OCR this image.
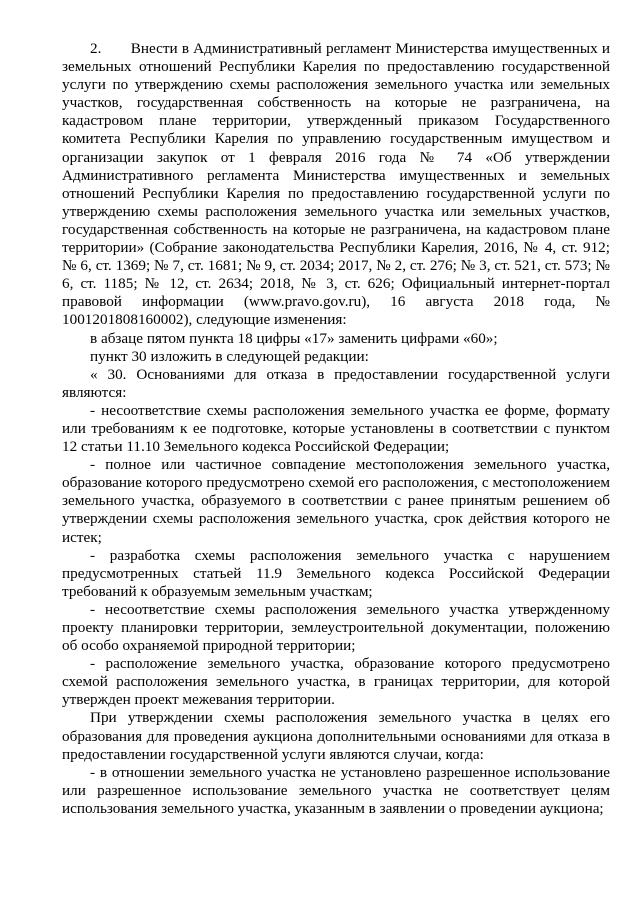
2.       Внести в Административный регламент Министерства имущественных и земельных отношений Республики Карелия по предоставлению государственной услуги по утверждению схемы расположения земельного участка или земельных участков, государственная собственность на которые не разграничена, на кадастровом плане территории, утвержденный приказом Государственного комитета Республики Карелия по управлению государственным имуществом и организации закупок от 1 февраля 2016 года № 74 «Об утверждении Административного регламента Министерства имущественных и земельных отношений Республики Карелия по предоставлению государственной услуги по утверждению схемы расположения земельного участка или земельных участков, государственная собственность на которые не разграничена, на кадастровом плане территории» (Собрание законодательства Республики Карелия, 2016, № 4, ст. 912; № 6, ст. 1369; № 7, ст. 1681; № 9, ст. 2034; 2017, № 2, ст. 276; № 3, ст. 521, ст. 573; № 6, ст. 1185; № 12, ст. 2634; 2018, № 3, ст. 626; Официальный интернет-портал правовой информации (www.pravo.gov.ru), 16 августа 2018 года, № 1001201808160002), следующие изменения:

в абзаце пятом пункта 18 цифры «17» заменить цифрами «60»;

пункт 30 изложить в следующей редакции:

« 30. Основаниями для отказа в предоставлении государственной услуги являются:

- несоответствие схемы расположения земельного участка ее форме, формату или требованиям к ее подготовке, которые установлены в соответствии с пунктом 12 статьи 11.10 Земельного кодекса Российской Федерации;

- полное или частичное совпадение местоположения земельного участка, образование которого предусмотрено схемой его расположения, с местоположением земельного участка, образуемого в соответствии с ранее принятым решением об утверждении схемы расположения земельного участка, срок действия которого не истек;

- разработка схемы расположения земельного участка с нарушением предусмотренных статьей 11.9 Земельного кодекса Российской Федерации требований к образуемым земельным участкам;

- несоответствие схемы расположения земельного участка утвержденному проекту планировки территории, землеустроительной документации, положению об особо охраняемой природной территории;

- расположение земельного участка, образование которого предусмотрено схемой расположения земельного участка, в границах территории, для которой утвержден проект межевания территории.

При утверждении схемы расположения земельного участка в целях его образования для проведения аукциона дополнительными основаниями для отказа в предоставлении государственной услуги являются случаи, когда:

- в отношении земельного участка не установлено разрешенное использование или разрешенное использование земельного участка не соответствует целям использования земельного участка, указанным в заявлении о проведении аукциона;
